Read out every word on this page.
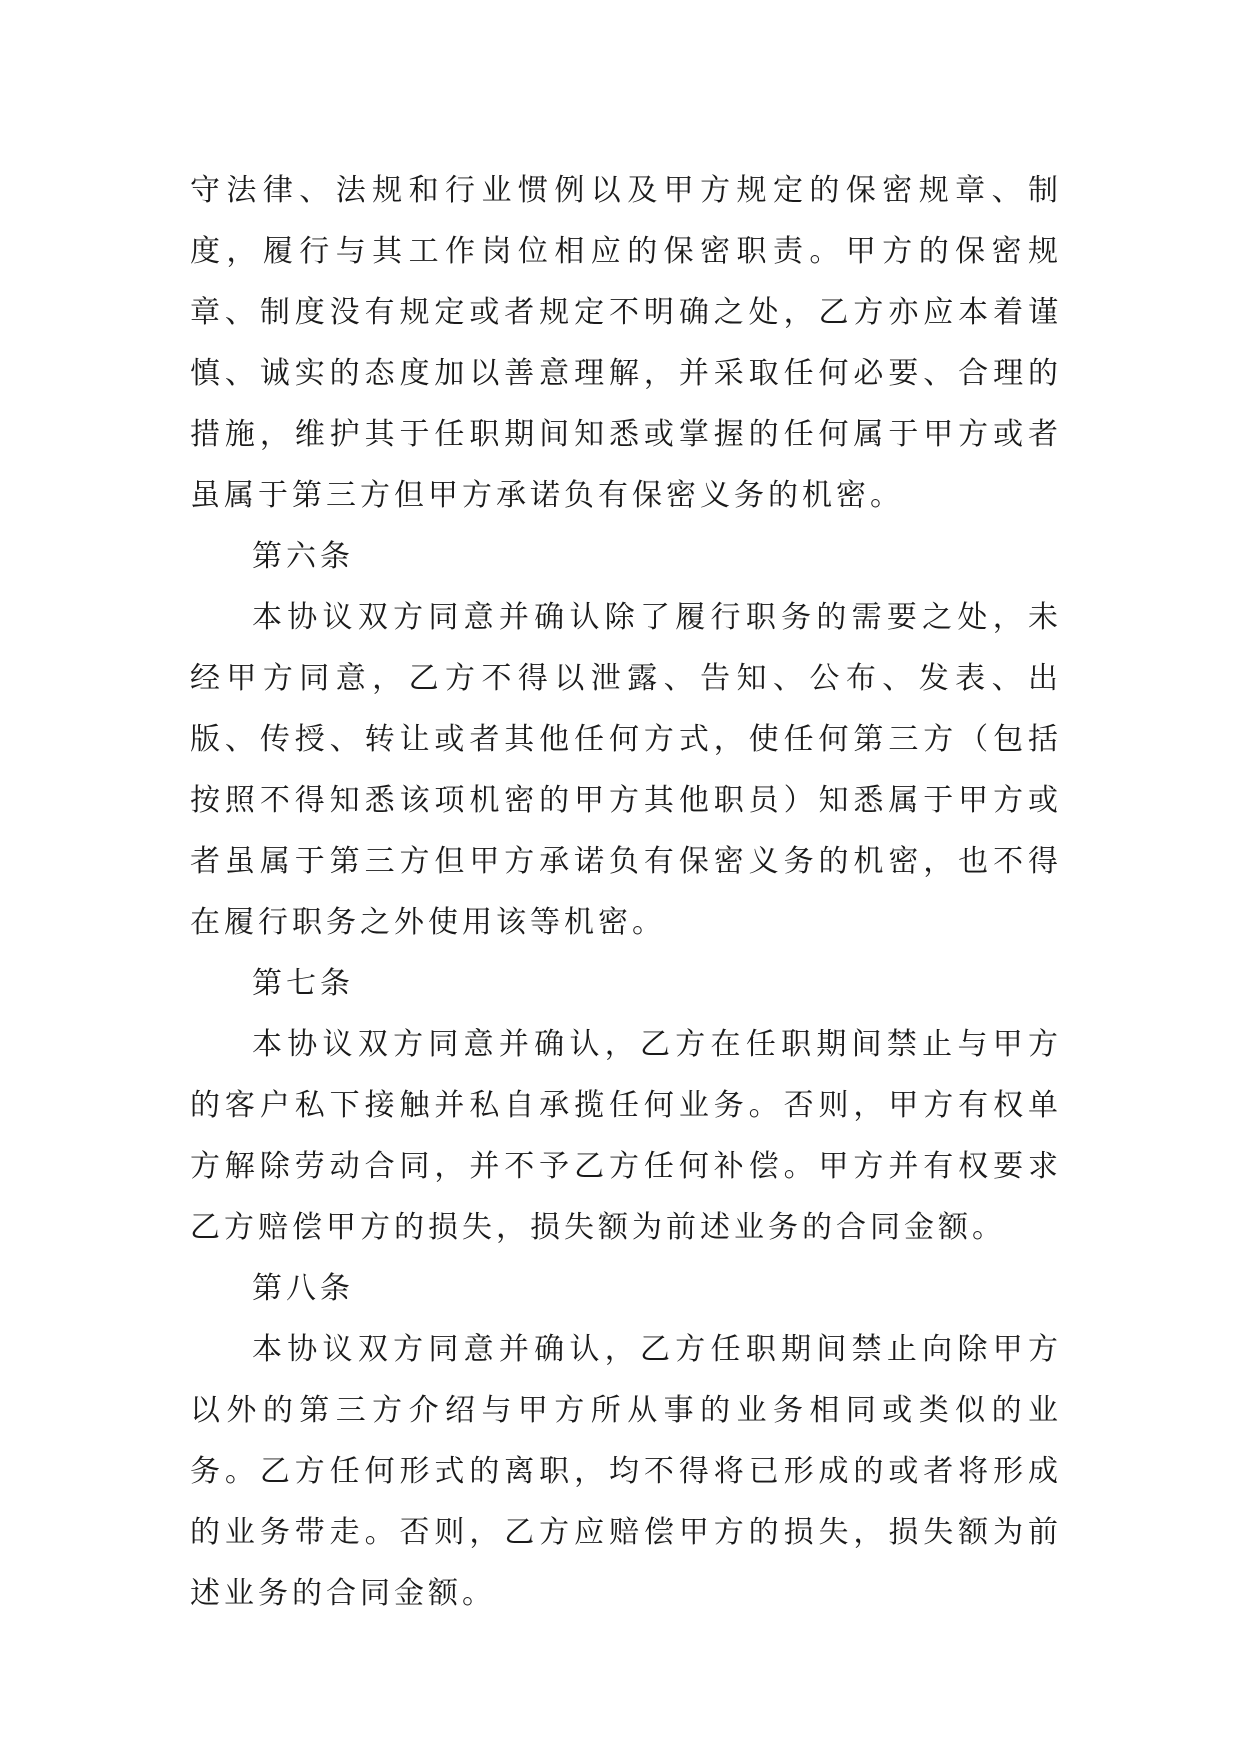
守法律、法规和行业惯例以及甲方规定的保密规章、制度，履行与其工作岗位相应的保密职责。甲方的保密规章、制度没有规定或者规定不明确之处，乙方亦应本着谨慎、诚实的态度加以善意理解，并采取任何必要、合理的措施，维护其于任职期间知悉或掌握的任何属于甲方或者虽属于第三方但甲方承诺负有保密义务的机密。

第六条

本协议双方同意并确认除了履行职务的需要之处，未经甲方同意，乙方不得以泄露、告知、公布、发表、出版、传授、转让或者其他任何方式，使任何第三方（包括按照不得知悉该项机密的甲方其他职员）知悉属于甲方或者虽属于第三方但甲方承诺负有保密义务的机密，也不得在履行职务之外使用该等机密。

第七条

本协议双方同意并确认，乙方在任职期间禁止与甲方的客户私下接触并私自承揽任何业务。否则，甲方有权单方解除劳动合同，并不予乙方任何补偿。甲方并有权要求乙方赔偿甲方的损失，损失额为前述业务的合同金额。

第八条

本协议双方同意并确认，乙方任职期间禁止向除甲方以外的第三方介绍与甲方所从事的业务相同或类似的业务。乙方任何形式的离职，均不得将已形成的或者将形成的业务带走。否则，乙方应赔偿甲方的损失，损失额为前述业务的合同金额。
